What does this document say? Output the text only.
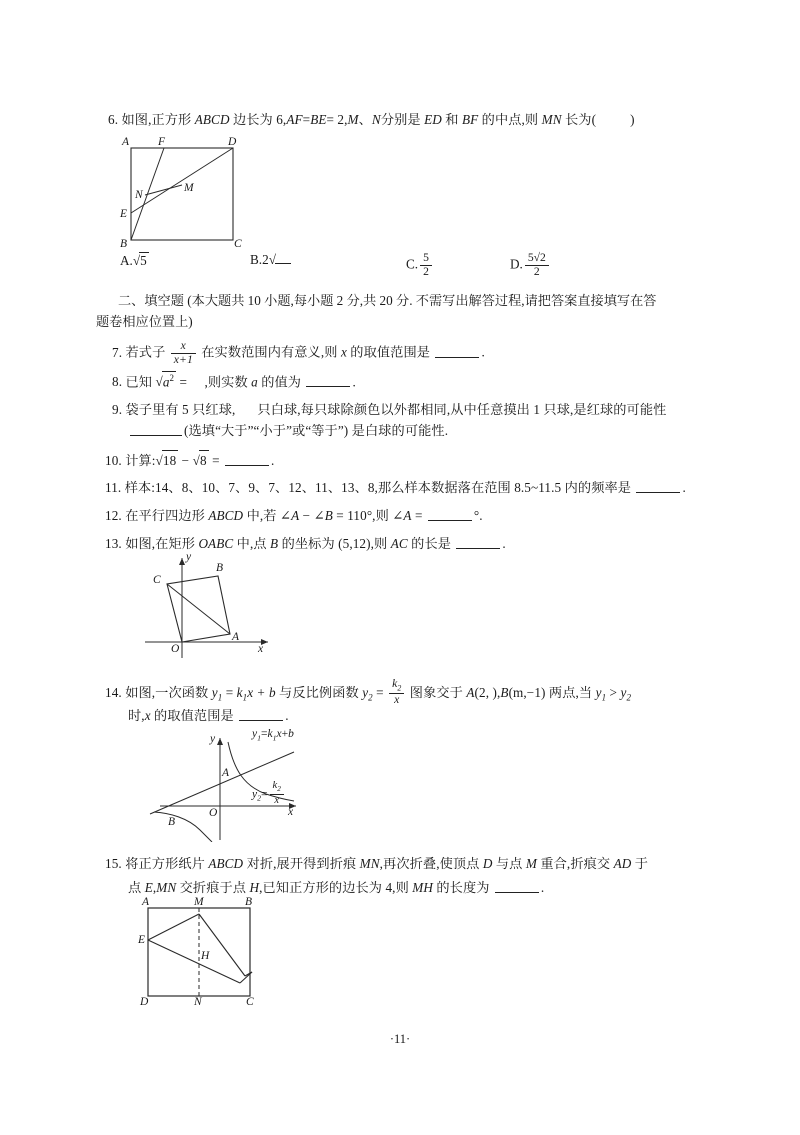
6. 如图,正方形 ABCD 边长为 6,AF=BE= 2,M、N分别是 ED 和 BF 的中点,则 MN 长为(	)
A	F	D
N
M
E
B	C
A.√5	B.2√	C. $\frac{5}{2}$	D. $\frac{5√2}{2}$
二、填空题 (本大题共 10 小题,每小题 2 分,共 20 分. 不需写出解答过程,请把答案直接填写在答
题卷相应位置上)
7. 若式子 $\frac{x}{x+1}$ 在实数范围内有意义,则 x 的取值范围是	.
8. 已知 $√a^2$ = ,则实数 a 的值为	.
9. 袋子里有 5 只红球, 只白球,每只球除颜色以外都相同,从中任意摸出 1 只球,是红球的可能性
(选填“大于”“小于”或“等于”) 是白球的可能性.
10. 计算:√18 − √8 =	.
11. 样本:14、8、10、7、9、7、12、11、13、8,那么样本数据落在范围 8.5~11.5 内的频率是	.
12. 在平行四边形 ABCD 中,若 ∠A − ∠B = 110°,则 ∠A =	°.
13. 如图,在矩形 OABC 中,点 B 的坐标为 (5,12),则 AC 的长是	.
y
C
B
A
O	x
14. 如图,一次函数 $y_1 = k_1x + b$ 与反比例函数 $y_2 = \frac{k_2}{x}$ 图象交于 A(2, ),B(m,−1) 两点,当 $y_1 > y_2$
时,x 的取值范围是	.
y
A
O	x
B
$y_1=k_1x+b$
$y_2= \frac{k_2}{x}$
15. 将正方形纸片 ABCD 对折,展开得到折痕 MN,再次折叠,使顶点 D 与点 M 重合,折痕交 AD 于
点 E,MN 交折痕于点 H,已知正方形的边长为 4,则 MH 的长度为	.
A	M	B
E
H
D	N	C
·11·
